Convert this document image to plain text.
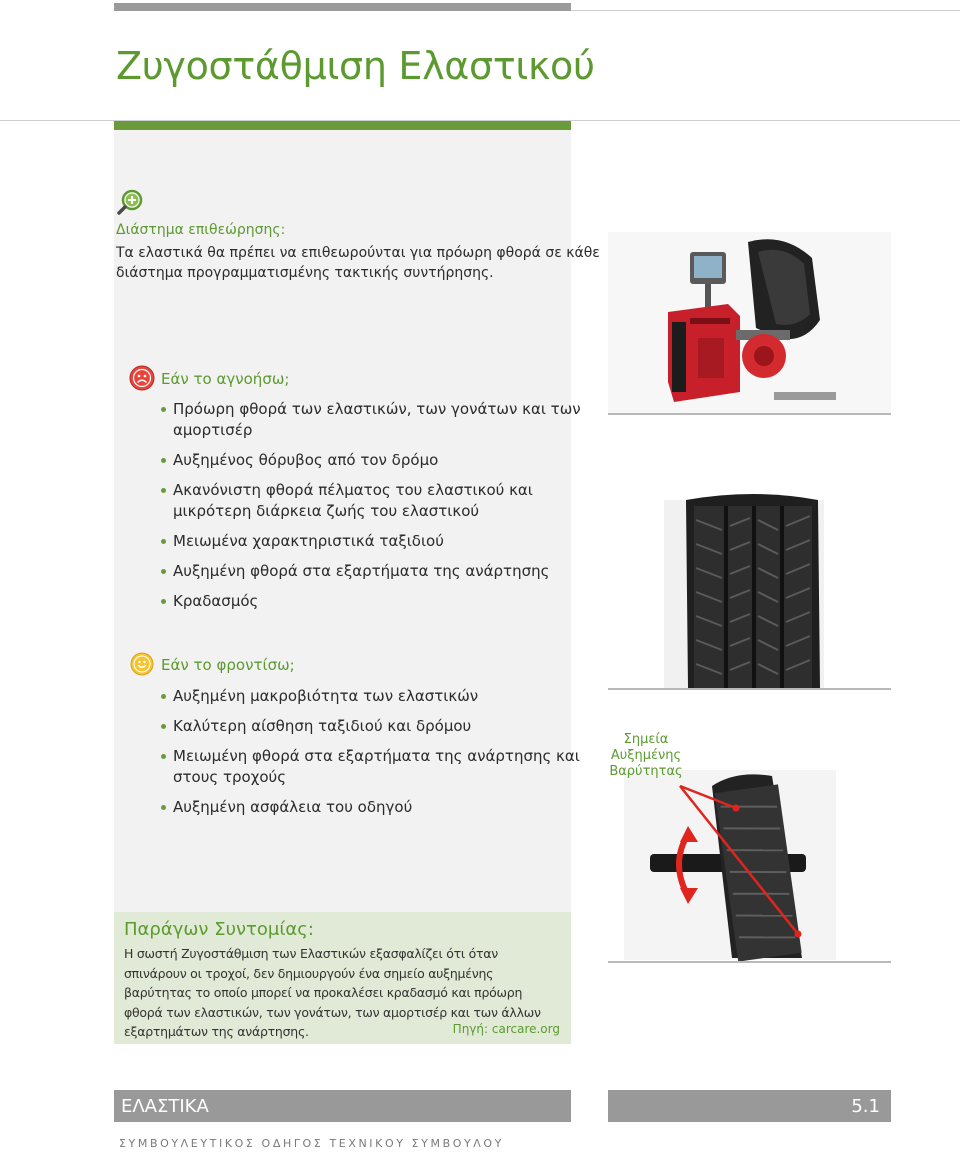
Ζυγοστάθμιση Ελαστικού
Διάστημα επιθεώρησης:
Τα ελαστικά θα πρέπει να επιθεωρούνται για πρόωρη φθορά σε κάθε
διάστημα προγραμματισμένης τακτικής συντήρησης.
Εάν το αγνοήσω;
Πρόωρη φθορά των ελαστικών, των γονάτων και των
αμορτισέρ
Αυξημένος θόρυβος από τον δρόμο
Ακανόνιστη φθορά πέλματος του ελαστικού και
μικρότερη διάρκεια ζωής του ελαστικού
Μειωμένα χαρακτηριστικά ταξιδιού
Αυξημένη φθορά στα εξαρτήματα της ανάρτησης
Κραδασμός
Εάν το φροντίσω;
Αυξημένη μακροβιότητα των ελαστικών
Καλύτερη αίσθηση ταξιδιού και δρόμου
Μειωμένη φθορά στα εξαρτήματα της ανάρτησης και
στους τροχούς
Αυξημένη ασφάλεια του οδηγού
Παράγων Συντομίας:
Η σωστή Ζυγοστάθμιση των Ελαστικών εξασφαλίζει ότι όταν σπινάρουν οι τροχοί, δεν δημιουργούν ένα σημείο αυξημένης βαρύτητας το οποίο μπορεί να προκαλέσει κραδασμό και πρόωρη φθορά των ελαστικών, των γονάτων, των αμορτισέρ και των άλλων εξαρτημάτων της ανάρτησης.	Πηγή: carcare.org
Σημεία
Αυξημένης
Βαρύτητας
ΕΛΑΣΤΙΚΑ	5.1
ΣΥΜΒΟΥΛΕΥΤΙΚΟΣ ΟΔΗΓΟΣ ΤΕΧΝΙΚΟΥ ΣΥΜΒΟΥΛΟΥ
